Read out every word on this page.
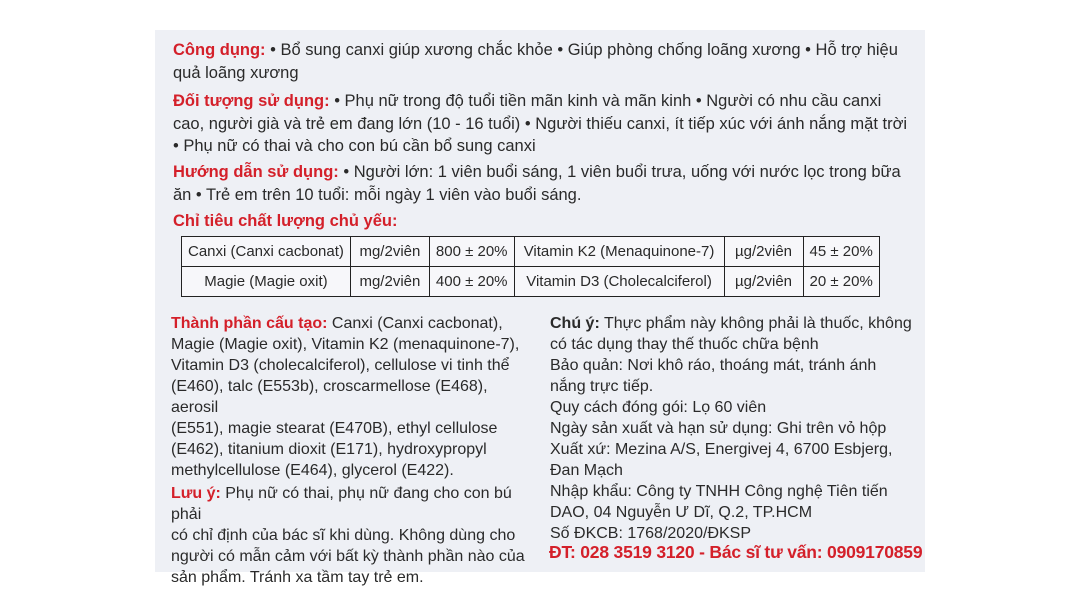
Công dụng: • Bổ sung canxi giúp xương chắc khỏe • Giúp phòng chống loãng xương • Hỗ trợ hiệu
quả loãng xương
Đối tượng sử dụng: • Phụ nữ trong độ tuổi tiền mãn kinh và mãn kinh • Người có nhu cầu canxi
cao, người già và trẻ em đang lớn (10 - 16 tuổi) • Người thiếu canxi, ít tiếp xúc với ánh nắng mặt trời
• Phụ nữ có thai và cho con bú cần bổ sung canxi
Hướng dẫn sử dụng: • Người lớn: 1 viên buổi sáng, 1 viên buổi trưa, uống với nước lọc trong bữa
ăn • Trẻ em trên 10 tuổi: mỗi ngày 1 viên vào buổi sáng.
Chỉ tiêu chất lượng chủ yếu:
Canxi (Canxi cacbonat)	mg/2viên	800 ± 20%	Vitamin K2 (Menaquinone-7)	µg/2viên	45 ± 20%
Magie (Magie oxit)	mg/2viên	400 ± 20%	Vitamin D3 (Cholecalciferol)	µg/2viên	20 ± 20%
Thành phần cấu tạo: Canxi (Canxi cacbonat),
Magie (Magie oxit), Vitamin K2 (menaquinone-7),
Vitamin D3 (cholecalciferol), cellulose vi tinh thể
(E460), talc (E553b), croscarmellose (E468), aerosil
(E551), magie stearat (E470B), ethyl cellulose
(E462), titanium dioxit (E171), hydroxypropyl
methylcellulose (E464), glycerol (E422).
Lưu ý: Phụ nữ có thai, phụ nữ đang cho con bú phải
có chỉ định của bác sĩ khi dùng. Không dùng cho
người có mẫn cảm với bất kỳ thành phần nào của
sản phẩm. Tránh xa tầm tay trẻ em.
Chú ý: Thực phẩm này không phải là thuốc, không
có tác dụng thay thế thuốc chữa bệnh
Bảo quản: Nơi khô ráo, thoáng mát, tránh ánh
nắng trực tiếp.
Quy cách đóng gói: Lọ 60 viên
Ngày sản xuất và hạn sử dụng: Ghi trên vỏ hộp
Xuất xứ: Mezina A/S, Energivej 4, 6700 Esbjerg,
Đan Mạch
Nhập khẩu: Công ty TNHH Công nghệ Tiên tiến
DAO, 04 Nguyễn Ư Dĩ, Q.2, TP.HCM
Số ĐKCB: 1768/2020/ĐKSP
ĐT: 028 3519 3120 - Bác sĩ tư vấn: 0909170859
